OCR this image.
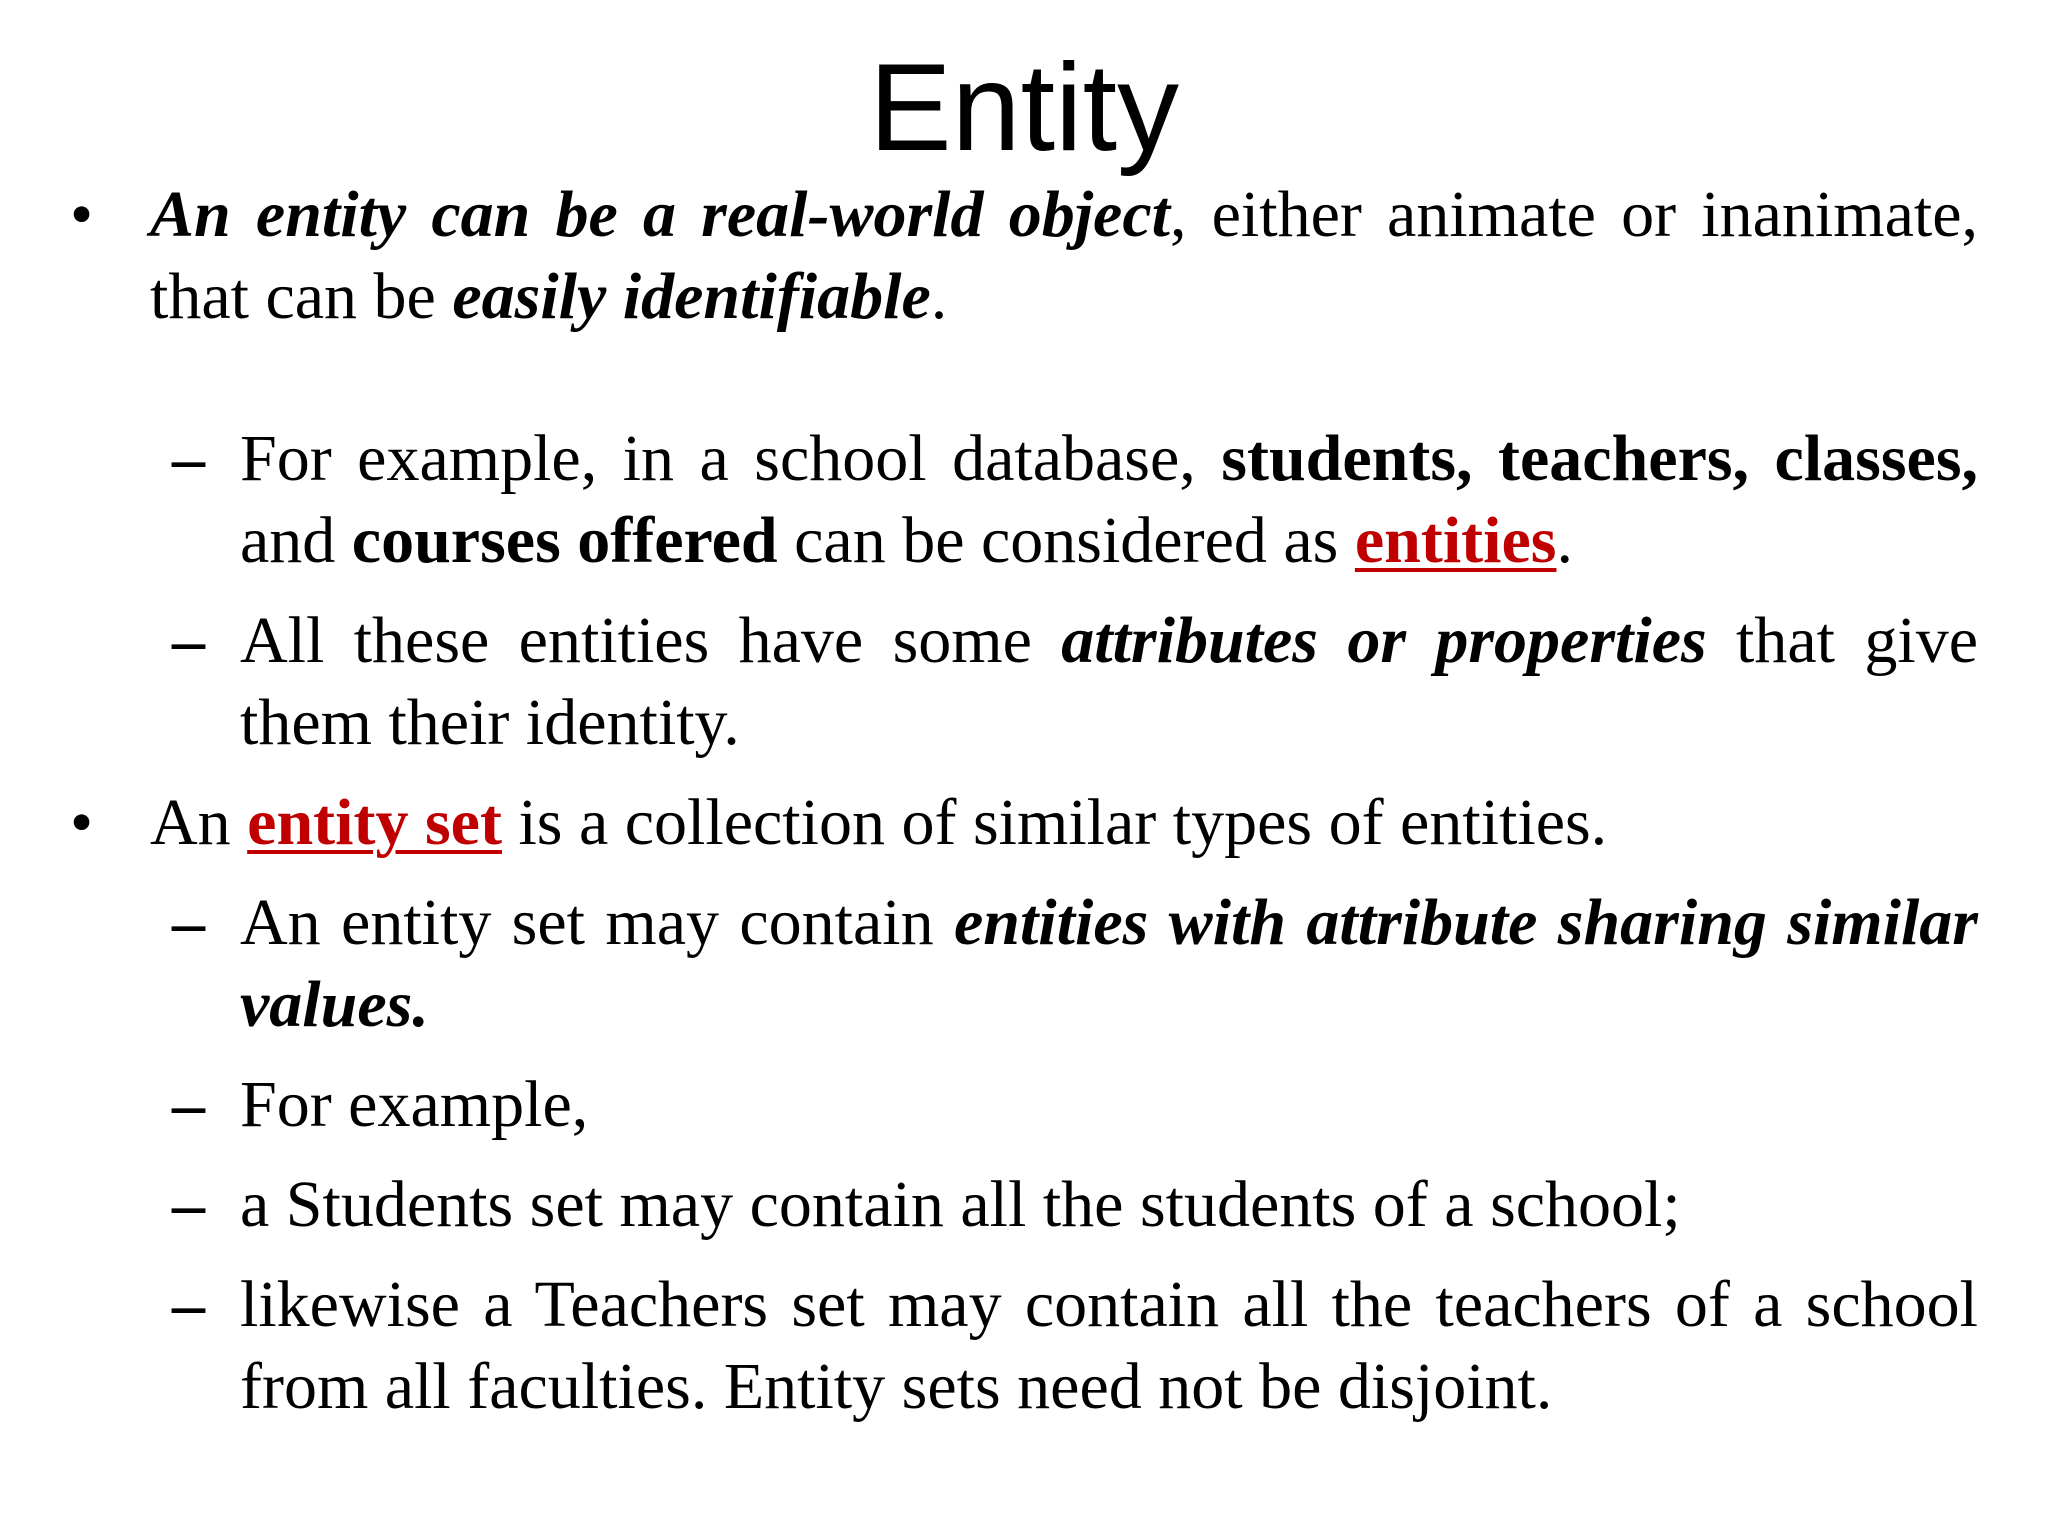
Entity
• An entity can be a real-world object, either animate or inanimate, that can be easily identifiable.
– For example, in a school database, students, teachers, classes, and courses offered can be considered as entities.
– All these entities have some attributes or properties that give them their identity.
• An entity set is a collection of similar types of entities.
– An entity set may contain entities with attribute sharing similar values.
– For example,
– a Students set may contain all the students of a school;
– likewise a Teachers set may contain all the teachers of a school from all faculties. Entity sets need not be disjoint.
